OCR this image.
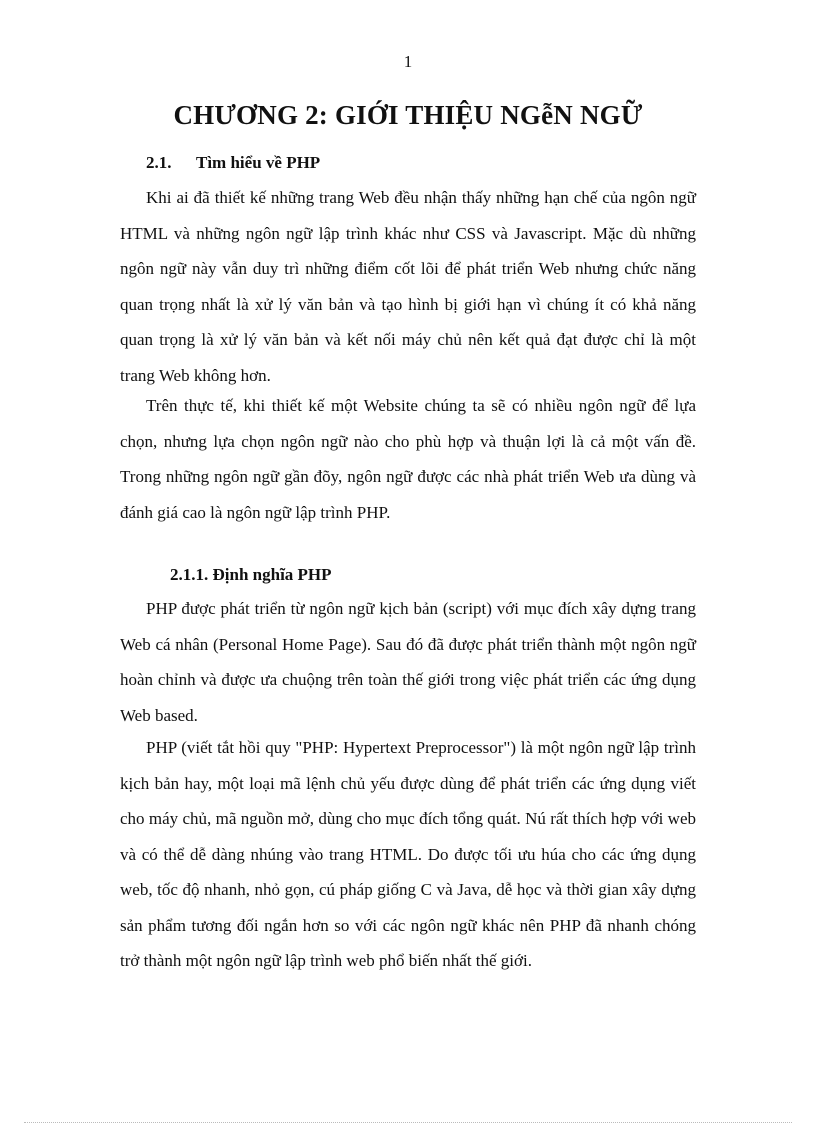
1
CHƯƠNG 2: GIỚI THIỆU NGễN NGỮ
2.1. Tìm hiểu về PHP

Khi ai đã thiết kế những trang Web đều nhận thấy những hạn chế của ngôn ngữ HTML và những ngôn ngữ lập trình khác như CSS và Javascript. Mặc dù những ngôn ngữ này vẫn duy trì những điểm cốt lõi để phát triển Web nhưng chức năng quan trọng nhất là xử lý văn bản và tạo hình bị giới hạn vì chúng ít có khả năng quan trọng là xử lý văn bản và kết nối máy chủ nên kết quả đạt được chỉ là một trang Web không hơn.

Trên thực tế, khi thiết kế một Website chúng ta sẽ có nhiều ngôn ngữ để lựa chọn, nhưng lựa chọn ngôn ngữ nào cho phù hợp và thuận lợi là cả một vấn đề. Trong những ngôn ngữ gần đõy, ngôn ngữ được các nhà phát triển Web ưa dùng và đánh giá cao là ngôn ngữ lập trình PHP.

2.1.1. Định nghĩa PHP

PHP được phát triển từ ngôn ngữ kịch bản (script) với mục đích xây dựng trang Web cá nhân (Personal Home Page). Sau đó đã được phát triển thành một ngôn ngữ hoàn chỉnh và được ưa chuộng trên toàn thế giới trong việc phát triển các ứng dụng Web based.

PHP (viết tắt hồi quy "PHP: Hypertext Preprocessor") là một ngôn ngữ lập trình kịch bản hay, một loại mã lệnh chủ yếu được dùng để phát triển các ứng dụng viết cho máy chủ, mã nguồn mở, dùng cho mục đích tổng quát. Nú rất thích hợp với web và có thể dễ dàng nhúng vào trang HTML. Do được tối ưu húa cho các ứng dụng web, tốc độ nhanh, nhỏ gọn, cú pháp giống C và Java, dễ học và thời gian xây dựng sản phẩm tương đối ngắn hơn so với các ngôn ngữ khác nên PHP đã nhanh chóng trở thành một ngôn ngữ lập trình web phổ biến nhất thế giới.
